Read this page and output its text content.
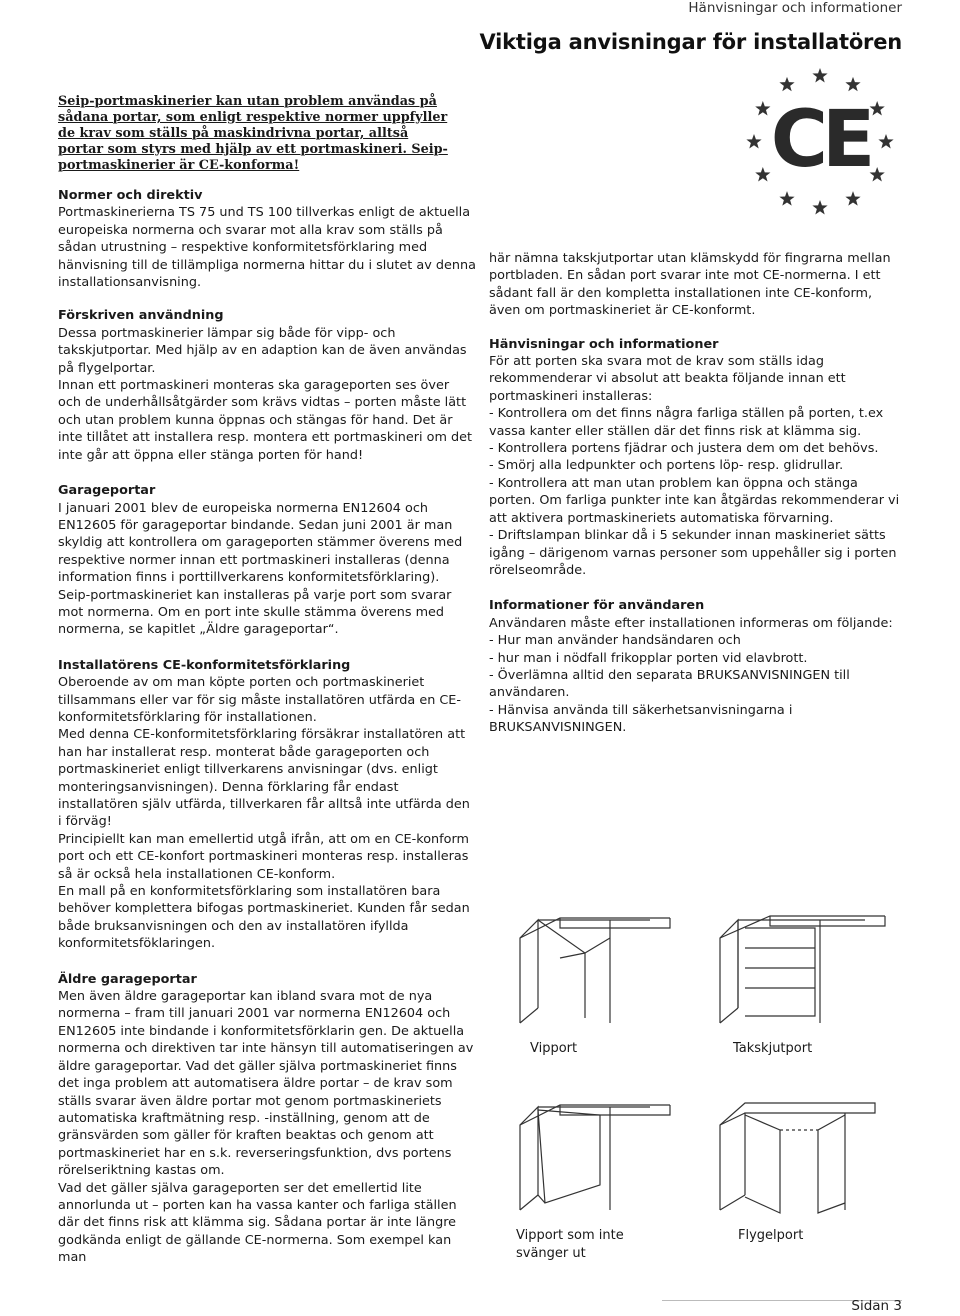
Hänvisningar och informationer
Viktiga anvisningar för installatören
CE
Seip-portmaskinerier kan utan problem användas på sådana portar, som enligt respektive normer uppfyller de krav som ställs på maskindrivna portar, alltså portar som styrs med hjälp av ett portmaskineri. Seip-portmaskinerier är CE-konforma!
Normer och direktiv

Portmaskinerierna TS 75 und TS 100 tillverkas enligt de aktuella europeiska normerna och svarar mot alla krav som ställs på sådan utrustning – respektive konformitetsförklaring med hänvisning till de tillämpliga normerna hittar du i slutet av denna installationsanvisning.

Förskriven användning

Dessa portmaskinerier lämpar sig både för vipp- och takskjutportar. Med hjälp av en adaption kan de även användas på flygelportar.

Innan ett portmaskineri monteras ska garageporten ses över och de underhållsåtgärder som krävs vidtas – porten måste lätt och utan problem kunna öppnas och stängas för hand. Det är inte tillåtet att installera resp. montera ett portmaskineri om det inte går att öppna eller stänga porten för hand!

Garageportar

I januari 2001 blev de europeiska normerna EN12604 och EN12605 för garageportar bindande. Sedan juni 2001 är man skyldig att kontrollera om garageporten stämmer överens med respektive normer innan ett portmaskineri installeras (denna information finns i porttillverkarens konformitetsförklaring).

Seip-portmaskineriet kan installeras på varje port som svarar mot normerna. Om en port inte skulle stämma överens med normerna, se kapitlet „Äldre garageportar“.

Installatörens CE-konformitetsförklaring

Oberoende av om man köpte porten och portmaskineriet tillsammans eller var för sig måste installatören utfärda en CE-konformitetsförklaring för installationen.

Med denna CE-konformitetsförklaring försäkrar installatören att han har installerat resp. monterat både garageporten och portmaskineriet enligt tillverkarens anvisningar (dvs. enligt monteringsanvisningen). Denna förklaring får endast installatören själv utfärda, tillverkaren får alltså inte utfärda den i förväg!

Principiellt kan man emellertid utgå ifrån, att om en CE-konform port och ett CE-konfort portmaskineri monteras resp. installeras så är också hela installationen CE-konform.

En mall på en konformitetsförklaring som installatören bara behöver komplettera bifogas portmaskineriet. Kunden får sedan både bruksanvisningen och den av installatören ifyllda konformitetsföklaringen.

Äldre garageportar

Men även äldre garageportar kan ibland svara mot de nya normerna – fram till januari 2001 var normerna EN12604 och EN12605 inte bindande i konformitetsförklarin gen. De aktuella normerna och direktiven tar inte hänsyn till automatiseringen av äldre garageportar. Vad det gäller själva portmaskineriet finns det inga problem att automatisera äldre portar – de krav som ställs svarar även äldre portar mot genom portmaskineriets automatiska kraftmätning resp. -inställning, genom att de gränsvärden som gäller för kraften beaktas och genom att portmaskineriet har en s.k. reverseringsfunktion, dvs portens rörelseriktning kastas om.

Vad det gäller själva garageporten ser det emellertid lite annorlunda ut – porten kan ha vassa kanter och farliga ställen där det finns risk att klämma sig. Sådana portar är inte längre godkända enligt de gällande CE-normerna. Som exempel kan man

här nämna takskjutportar utan klämskydd för fingrarna mellan portbladen. En sådan port svarar inte mot CE-normerna. I ett sådant fall är den kompletta installationen inte CE-konform, även om portmaskineriet är CE-konformt.

Hänvisningar och informationer

För att porten ska svara mot de krav som ställs idag rekommenderar vi absolut att beakta följande innan ett portmaskineri installeras:

- Kontrollera om det finns några farliga ställen på porten, t.ex vassa kanter eller ställen där det finns risk at klämma sig.

- Kontrollera portens fjädrar och justera dem om det behövs.

- Smörj alla ledpunkter och portens löp- resp. glidrullar.

- Kontrollera att man utan problem kan öppna och stänga porten. Om farliga punkter inte kan åtgärdas rekommenderar vi att aktivera portmaskineriets automatiska förvarning.

- Driftslampan blinkar då i 5 sekunder innan maskineriet sätts igång – därigenom varnas personer som uppehåller sig i porten rörelseområde.

Informationer för användaren

Användaren måste efter installationen informeras om följande:

- Hur man använder handsändaren och

- hur man i nödfall frikopplar porten vid elavbrott.

- Överlämna alltid den separata BRUKSANVISNINGEN till användaren.

- Hänvisa använda till säkerhetsanvisningarna i BRUKSANVISNINGEN.

Vipport	Takskjutport
Vipport som inte
svänger ut
Flygelport
Sidan 3
